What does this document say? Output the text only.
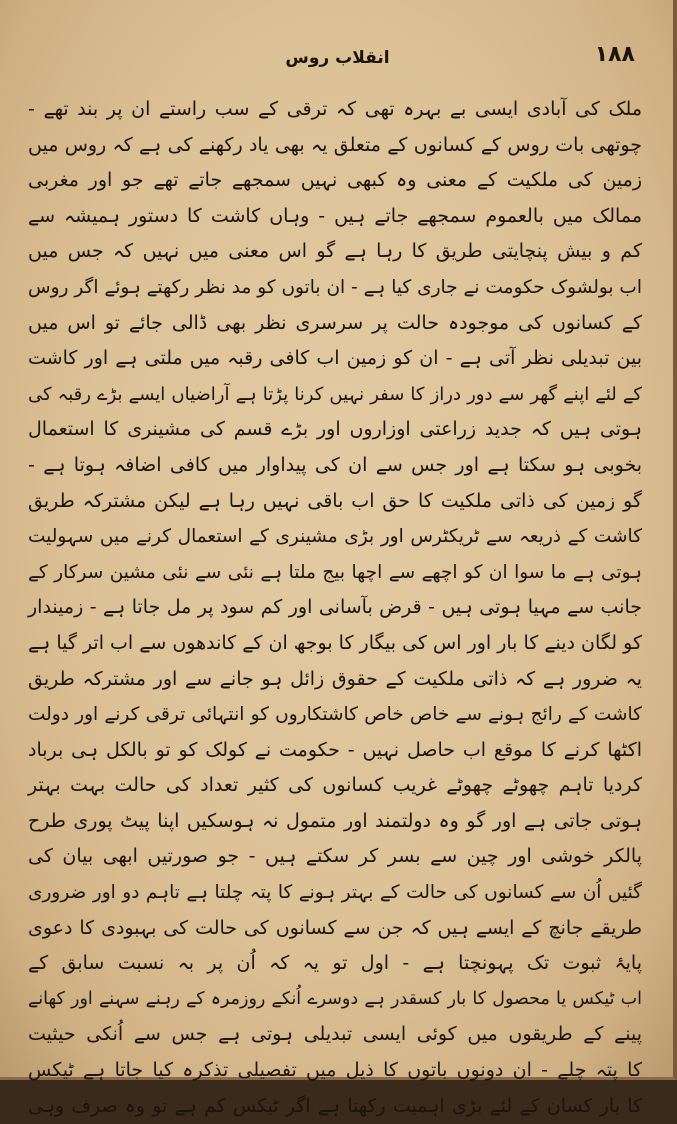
انقلاب روس	۱۸۸
ملک کی آبادی ایسی بے بہرہ تھی کہ ترقی کے سب راستے ان پر بند تھے -
چوتھی بات روس کے کسانوں کے متعلق یہ بھی یاد رکھنے کی ہے کہ روس میں
زمین کی ملکیت کے معنی وہ کبھی نہیں سمجھے جاتے تھے جو اور مغربی
ممالک میں بالعموم سمجھے جاتے ہیں - وہاں کاشت کا دستور ہمیشہ سے
کم و بیش پنچایتی طریق کا رہا ہے گو اس معنی میں نہیں کہ جس میں
اب بولشوک حکومت نے جاری کیا ہے - ان باتوں کو مد نظر رکھتے ہوئے اگر روس
کے کسانوں کی موجودہ حالت پر سرسری نظر بھی ڈالی جائے تو اس میں
بین تبدیلی نظر آتی ہے - ان کو زمین اب کافی رقبہ میں ملتی ہے اور کاشت
کے لئے اپنے گھر سے دور دراز کا سفر نہیں کرنا پڑتا ہے آراضیاں ایسے بڑے رقبہ کی
ہوتی ہیں کہ جدید زراعتی اوزاروں اور بڑے قسم کی مشینری کا استعمال
بخوبی ہو سکتا ہے اور جس سے ان کی پیداوار میں کافی اضافہ ہوتا ہے -
گو زمین کی ذاتی ملکیت کا حق اب باقی نہیں رہا ہے لیکن مشترکہ طریق
کاشت کے ذریعہ سے ٹریکٹرس اور بڑی مشینری کے استعمال کرنے میں سہولیت
ہوتی ہے ما سوا ان کو اچھے سے اچھا بیج ملتا ہے نئی سے نئی مشین سرکار کے
جانب سے مہیا ہوتی ہیں - قرض بآسانی اور کم سود پر مل جاتا ہے - زمیندار
کو لگان دینے کا بار اور اس کی بیگار کا بوجھ ان کے کاندھوں سے اب اتر گیا ہے
یہ ضرور ہے کہ ذاتی ملکیت کے حقوق زائل ہو جانے سے اور مشترکہ طریق
کاشت کے رائج ہونے سے خاص خاص کاشتکاروں کو انتہائی ترقی کرنے اور دولت
اکٹھا کرنے کا موقع اب حاصل نہیں - حکومت نے کولک کو تو بالکل ہی برباد
کردیا تاہم چھوٹے چھوٹے غریب کسانوں کی کثیر تعداد کی حالت بہت بہتر
ہوتی جاتی ہے اور گو وہ دولتمند اور متمول نہ ہوسکیں اپنا پیٹ پوری طرح
پالکر خوشی اور چین سے بسر کر سکتے ہیں - جو صورتیں ابھی بیان کی
گئیں اُن سے کسانوں کی حالت کے بہتر ہونے کا پتہ چلتا ہے تاہم دو اور ضروری
طریقے جانچ کے ایسے ہیں کہ جن سے کسانوں کی حالت کی بہبودی کا دعوی
پایۂ ثبوت تک پہونچتا ہے - اول تو یہ کہ اُن پر بہ نسبت سابق کے
اب ٹیکس یا محصول کا بار کسقدر ہے دوسرے اُنکے روزمرہ کے رہنے سہنے اور کھانے
پینے کے طریقوں میں کوئی ایسی تبدیلی ہوتی ہے جس سے اُنکی حیثیت
کا پتہ چلے - ان دونوں باتوں کا ذیل میں تفصیلی تذکرہ کیا جاتا ہے ٹیکس
کا بار کسان کے لئے بڑی اہمیت رکھتا ہے اگر ٹیکس کم ہے تو وہ صرف وہی
